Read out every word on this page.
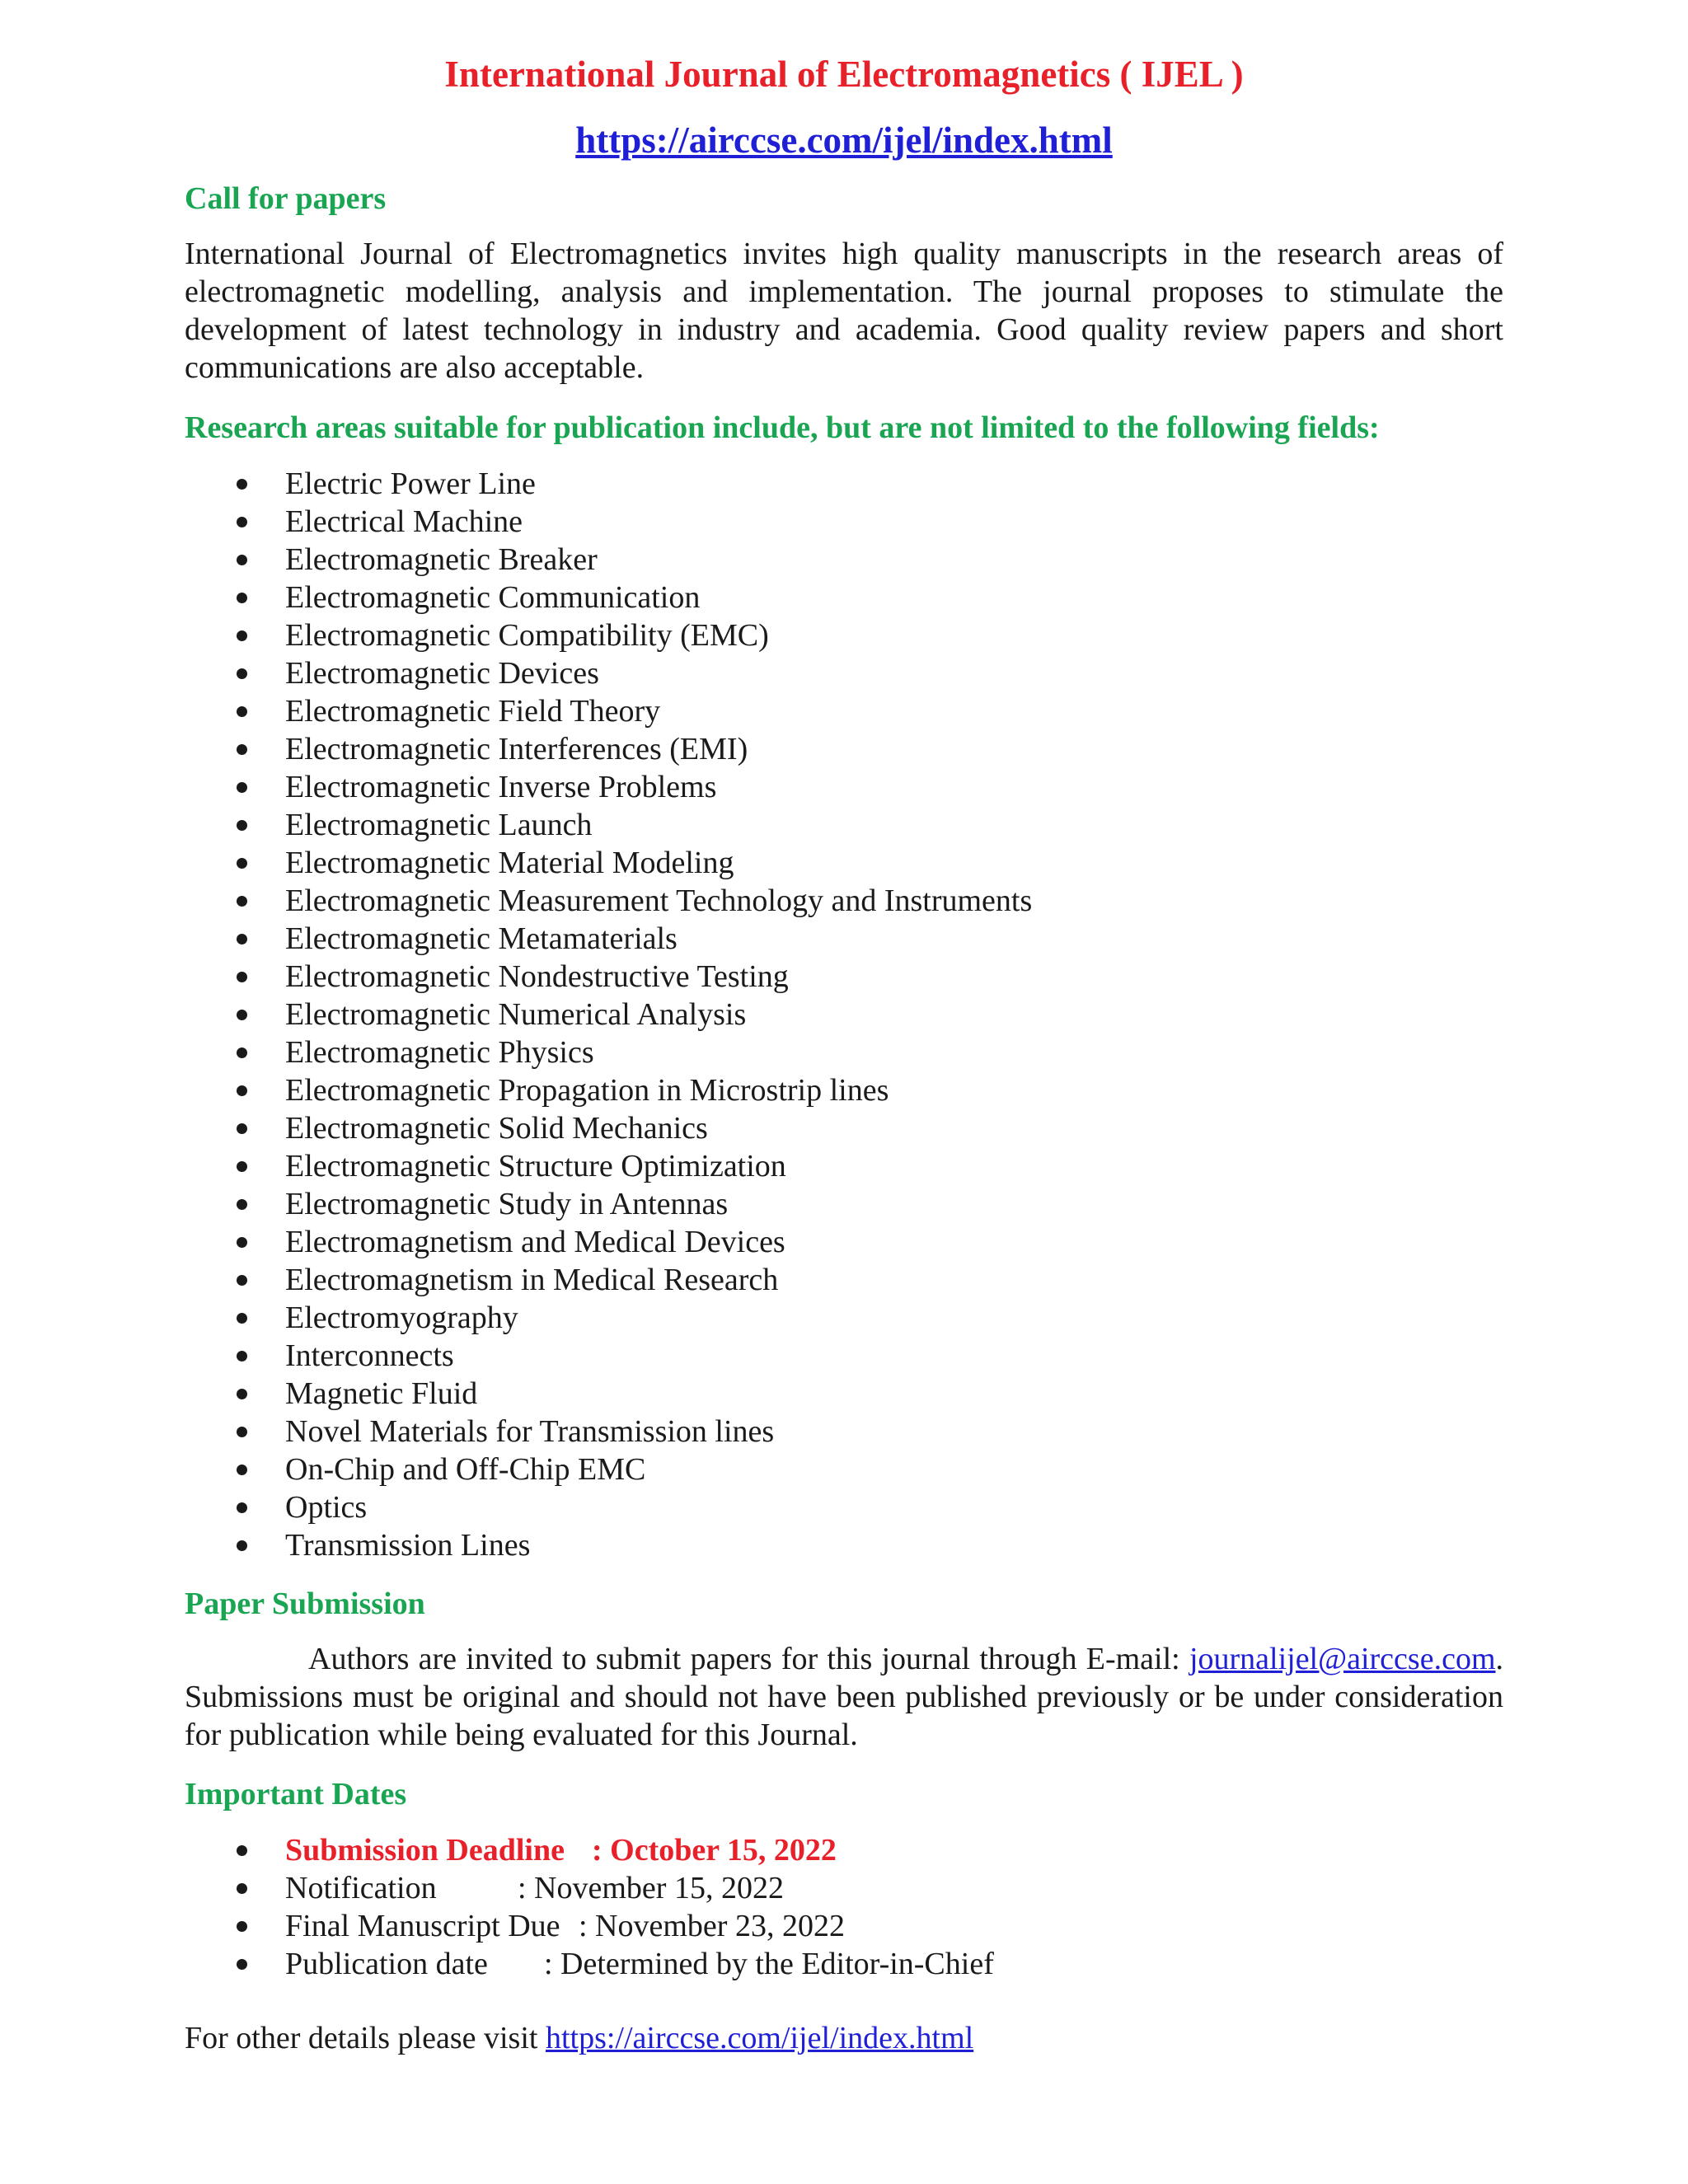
International Journal of Electromagnetics ( IJEL )
https://airccse.com/ijel/index.html
Call for papers

International Journal of Electromagnetics invites high quality manuscripts in the research areas of electromagnetic modelling, analysis and implementation. The journal proposes to stimulate the development of latest technology in industry and academia. Good quality review papers and short communications are also acceptable.

Research areas suitable for publication include, but are not limited to the following fields:
Electric Power Line
Electrical Machine
Electromagnetic Breaker
Electromagnetic Communication
Electromagnetic Compatibility (EMC)
Electromagnetic Devices
Electromagnetic Field Theory
Electromagnetic Interferences (EMI)
Electromagnetic Inverse Problems
Electromagnetic Launch
Electromagnetic Material Modeling
Electromagnetic Measurement Technology and Instruments
Electromagnetic Metamaterials
Electromagnetic Nondestructive Testing
Electromagnetic Numerical Analysis
Electromagnetic Physics
Electromagnetic Propagation in Microstrip lines
Electromagnetic Solid Mechanics
Electromagnetic Structure Optimization
Electromagnetic Study in Antennas
Electromagnetism and Medical Devices
Electromagnetism in Medical Research
Electromyography
Interconnects
Magnetic Fluid
Novel Materials for Transmission lines
On-Chip and Off-Chip EMC
Optics
Transmission Lines
Paper Submission

Authors are invited to submit papers for this journal through E-mail: journalijel@airccse.com. Submissions must be original and should not have been published previously or be under consideration for publication while being evaluated for this Journal.

Important Dates
Submission Deadline : October 15, 2022
Notification	: November 15, 2022
Final Manuscript Due : November 23, 2022
Publication date : Determined by the Editor-in-Chief

For other details please visit https://airccse.com/ijel/index.html
